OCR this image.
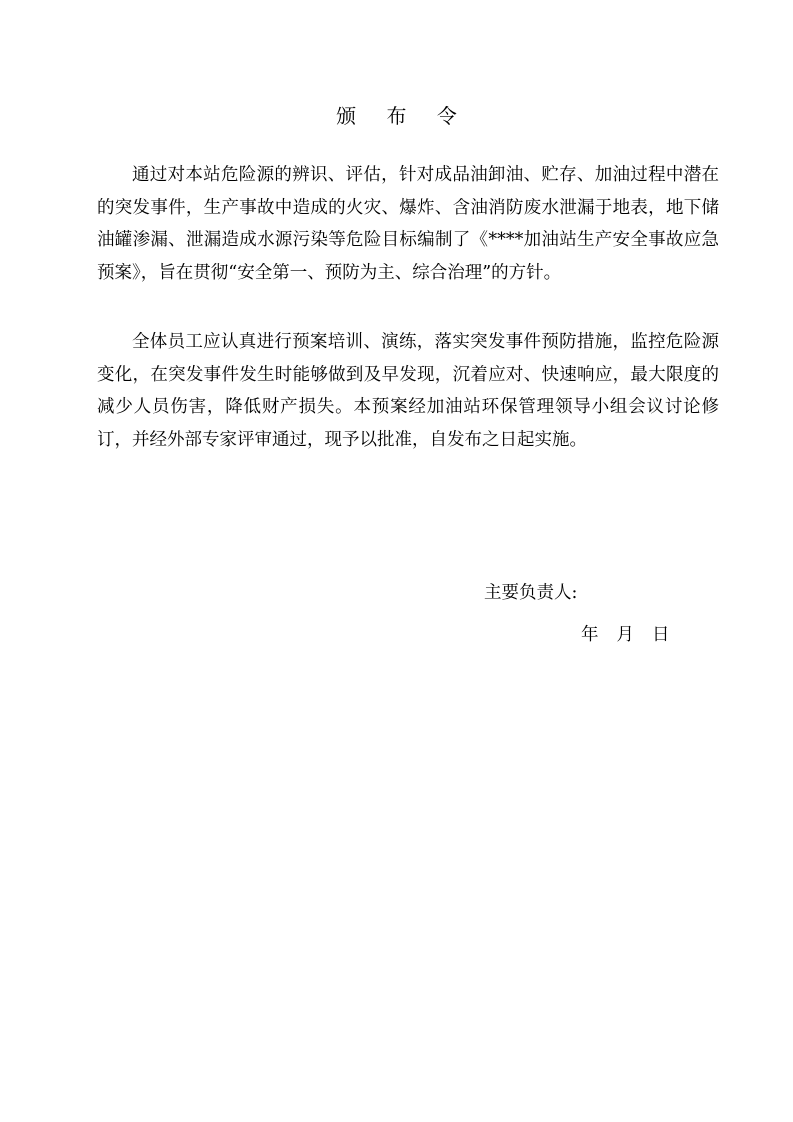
颁 布 令

通过对本站危险源的辨识、评估，针对成品油卸油、贮存、加油过程中潜在的突发事件，生产事故中造成的火灾、爆炸、含油消防废水泄漏于地表，地下储油罐渗漏、泄漏造成水源污染等危险目标编制了《****加油站生产安全事故应急预案》，旨在贯彻“安全第一、预防为主、综合治理”的方针。

全体员工应认真进行预案培训、演练，落实突发事件预防措施，监控危险源变化，在突发事件发生时能够做到及早发现，沉着应对、快速响应，最大限度的减少人员伤害，降低财产损失。本预案经加油站环保管理领导小组会议讨论修订，并经外部专家评审通过，现予以批准，自发布之日起实施。

主要负责人:
年 月 日
